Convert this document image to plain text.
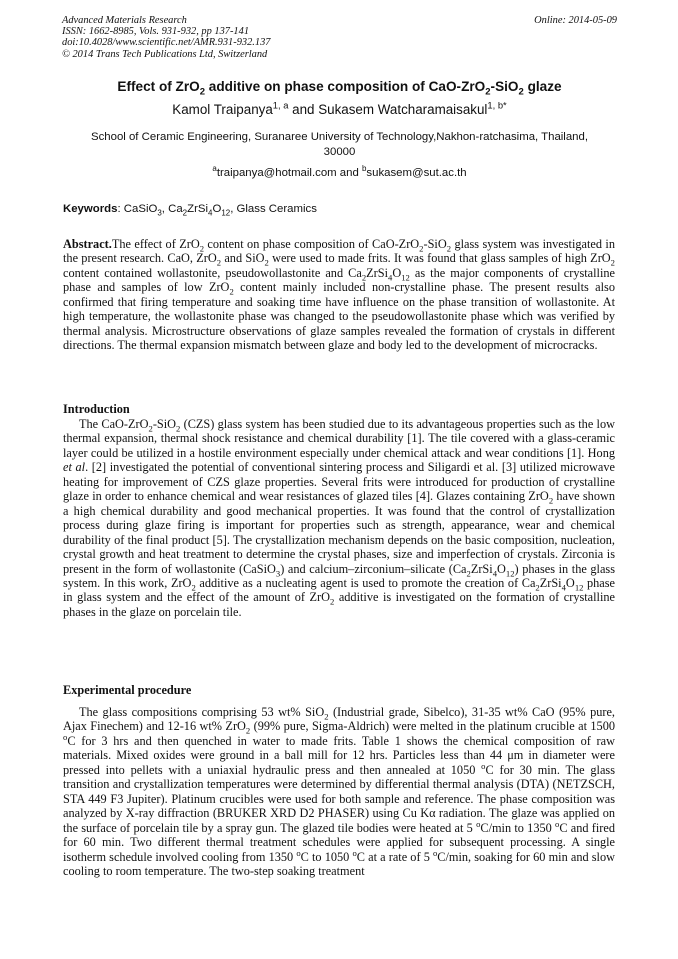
Advanced Materials Research
ISSN: 1662-8985, Vols. 931-932, pp 137-141
doi:10.4028/www.scientific.net/AMR.931-932.137
© 2014 Trans Tech Publications Ltd, Switzerland
Online: 2014-05-09
Effect of ZrO$_2$ additive on phase composition of CaO-ZrO$_2$-SiO$_2$ glaze
Kamol Traipanya$^{1, a}$ and Sukasem Watcharamaisakul$^{1, b*}$
School of Ceramic Engineering, Suranaree University of Technology,Nakhon-ratchasima, Thailand, 30000
$^a$traipanya@hotmail.com and $^b$sukasem@sut.ac.th
Keywords: CaSiO$_3$, $Ca_2ZrSi_4O_{12}$, Glass Ceramics

Abstract.The effect of ZrO$_2$ content on phase composition of CaO-ZrO$_2$-SiO$_2$ glass system was investigated in the present research. CaO, ZrO$_2$ and SiO$_2$ were used to made frits. It was found that glass samples of high ZrO$_2$ content contained wollastonite, pseudowollastonite and $Ca_2ZrSi_4O_{12}$ as the major components of crystalline phase and samples of low ZrO$_2$ content mainly included non-crystalline phase. The present results also confirmed that firing temperature and soaking time have influence on the phase transition of wollastonite. At high temperature, the wollastonite phase was changed to the pseudowollastonite phase which was verified by thermal analysis. Microstructure observations of glaze samples revealed the formation of crystals in different directions. The thermal expansion mismatch between glaze and body led to the development of microcracks.

Introduction

The CaO-ZrO$_2$-SiO$_2$ (CZS) glass system has been studied due to its advantageous properties such as the low thermal expansion, thermal shock resistance and chemical durability [1]. The tile covered with a glass-ceramic layer could be utilized in a hostile environment especially under chemical attack and wear conditions [1]. Hong et al. [2] investigated the potential of conventional sintering process and Siligardi et al. [3] utilized microwave heating for improvement of CZS glaze properties. Several frits were introduced for production of crystalline glaze in order to enhance chemical and wear resistances of glazed tiles [4]. Glazes containing ZrO$_2$ have shown a high chemical durability and good mechanical properties. It was found that the control of crystallization process during glaze firing is important for properties such as strength, appearance, wear and chemical durability of the final product [5]. The crystallization mechanism depends on the basic composition, nucleation, crystal growth and heat treatment to determine the crystal phases, size and imperfection of crystals. Zirconia is present in the form of wollastonite (CaSiO$_3$) and calcium–zirconium–silicate $(Ca_2ZrSi_4O_{12})$ phases in the glass system. In this work, ZrO$_2$ additive as a nucleating agent is used to promote the creation of $Ca_2ZrSi_4O_{12}$ phase in glass system and the effect of the amount of ZrO$_2$ additive is investigated on the formation of crystalline phases in the glaze on porcelain tile.

Experimental procedure

The glass compositions comprising 53 wt% SiO$_2$ (Industrial grade, Sibelco), 31-35 wt% CaO (95% pure, Ajax Finechem) and 12-16 wt% ZrO$_2$ (99% pure, Sigma-Aldrich) were melted in the platinum crucible at 1500 $^o$C for 3 hrs and then quenched in water to made frits. Table 1 shows the chemical composition of raw materials. Mixed oxides were ground in a ball mill for 12 hrs. Particles less than 44 μm in diameter were pressed into pellets with a uniaxial hydraulic press and then annealed at 1050 $^o$C for 30 min. The glass transition and crystallization temperatures were determined by differential thermal analysis (DTA) (NETZSCH, STA 449 F3 Jupiter). Platinum crucibles were used for both sample and reference. The phase composition was analyzed by X-ray diffraction (BRUKER XRD D2 PHASER) using Cu Kα radiation. The glaze was applied on the surface of porcelain tile by a spray gun. The glazed tile bodies were heated at 5 $^o$C/min to 1350 $^o$C and fired for 60 min. Two different thermal treatment schedules were applied for subsequent processing. A single isotherm schedule involved cooling from 1350 $^o$C to 1050 $^o$C at a rate of 5 $^o$C/min, soaking for 60 min and slow cooling to room temperature. The two-step soaking treatment
